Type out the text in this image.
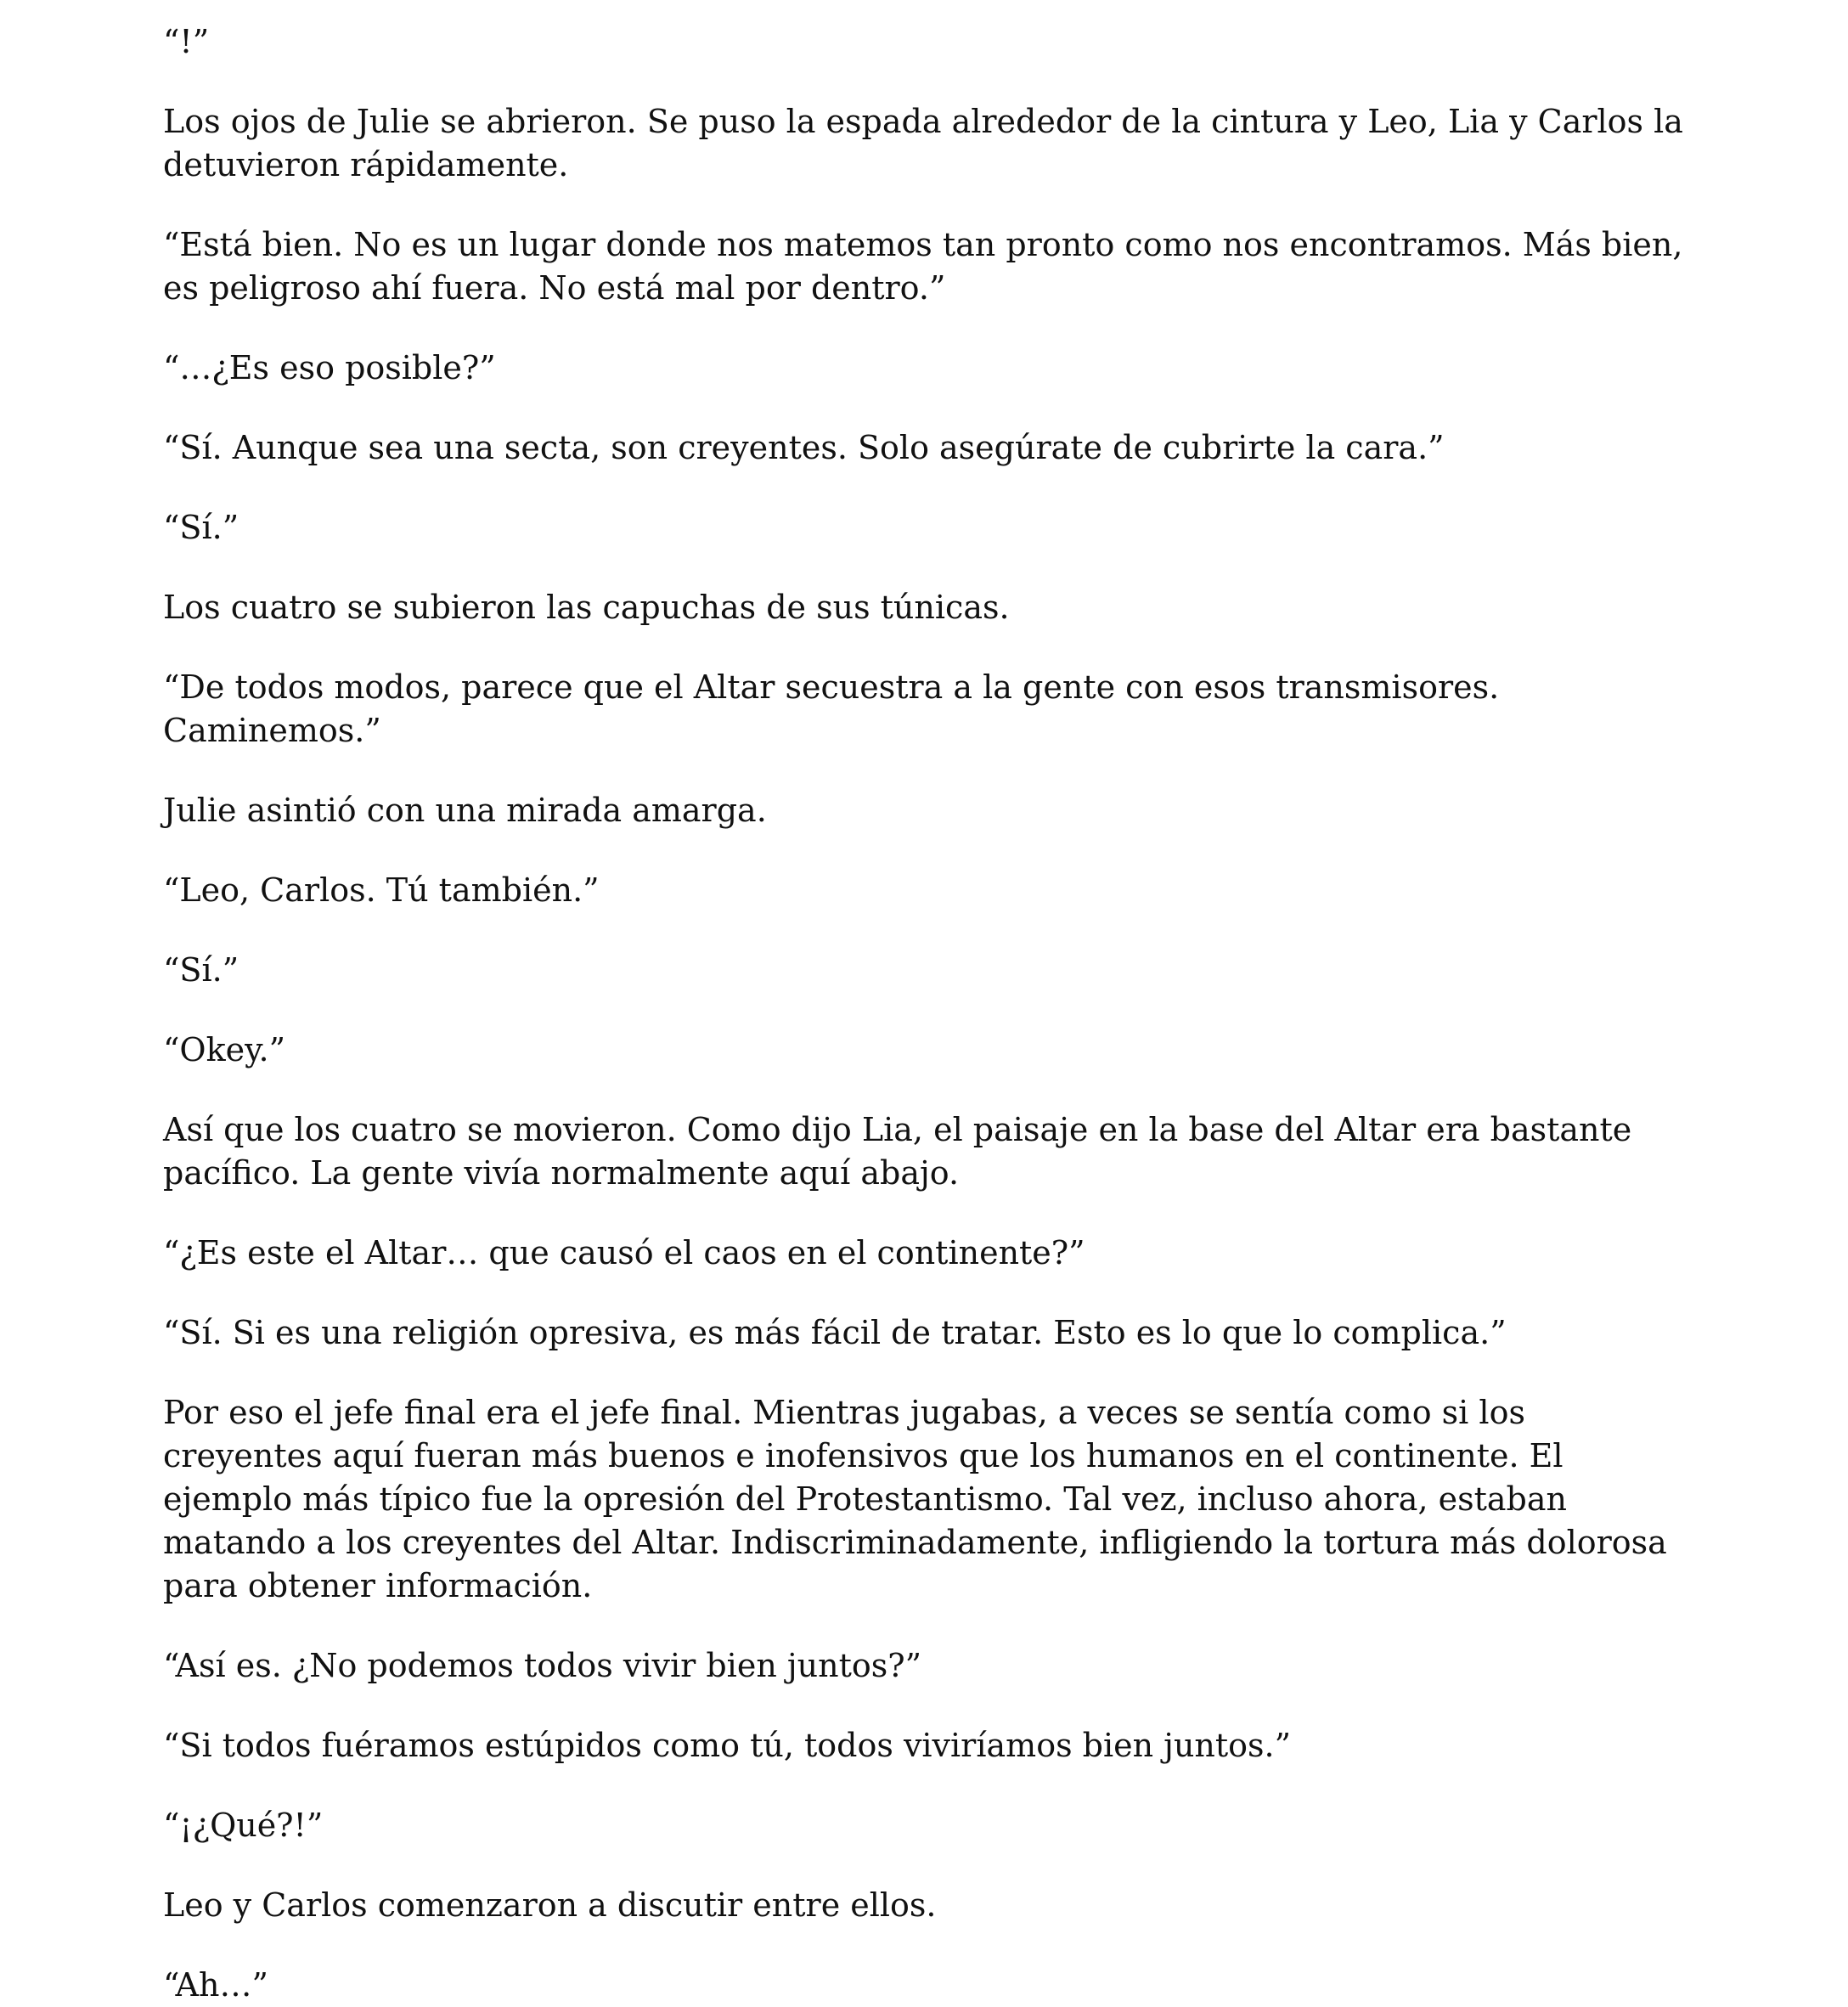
“!”

Los ojos de Julie se abrieron. Se puso la espada alrededor de la cintura y Leo, Lia y Carlos la detuvieron rápidamente.

“Está bien. No es un lugar donde nos matemos tan pronto como nos encontramos. Más bien, es peligroso ahí fuera. No está mal por dentro.”

“…¿Es eso posible?”

“Sí. Aunque sea una secta, son creyentes. Solo asegúrate de cubrirte la cara.”

“Sí.”

Los cuatro se subieron las capuchas de sus túnicas.

“De todos modos, parece que el Altar secuestra a la gente con esos transmisores. Caminemos.”

Julie asintió con una mirada amarga.

“Leo, Carlos. Tú también.”

“Sí.”

“Okey.”

Así que los cuatro se movieron. Como dijo Lia, el paisaje en la base del Altar era bastante pacífico. La gente vivía normalmente aquí abajo.

“¿Es este el Altar… que causó el caos en el continente?”

“Sí. Si es una religión opresiva, es más fácil de tratar. Esto es lo que lo complica.”

Por eso el jefe final era el jefe final. Mientras jugabas, a veces se sentía como si los creyentes aquí fueran más buenos e inofensivos que los humanos en el continente. El ejemplo más típico fue la opresión del Protestantismo. Tal vez, incluso ahora, estaban matando a los creyentes del Altar. Indiscriminadamente, infligiendo la tortura más dolorosa para obtener información.

“Así es. ¿No podemos todos vivir bien juntos?”

“Si todos fuéramos estúpidos como tú, todos viviríamos bien juntos.”

“¡¿Qué?!”

Leo y Carlos comenzaron a discutir entre ellos.

“Ah…”
